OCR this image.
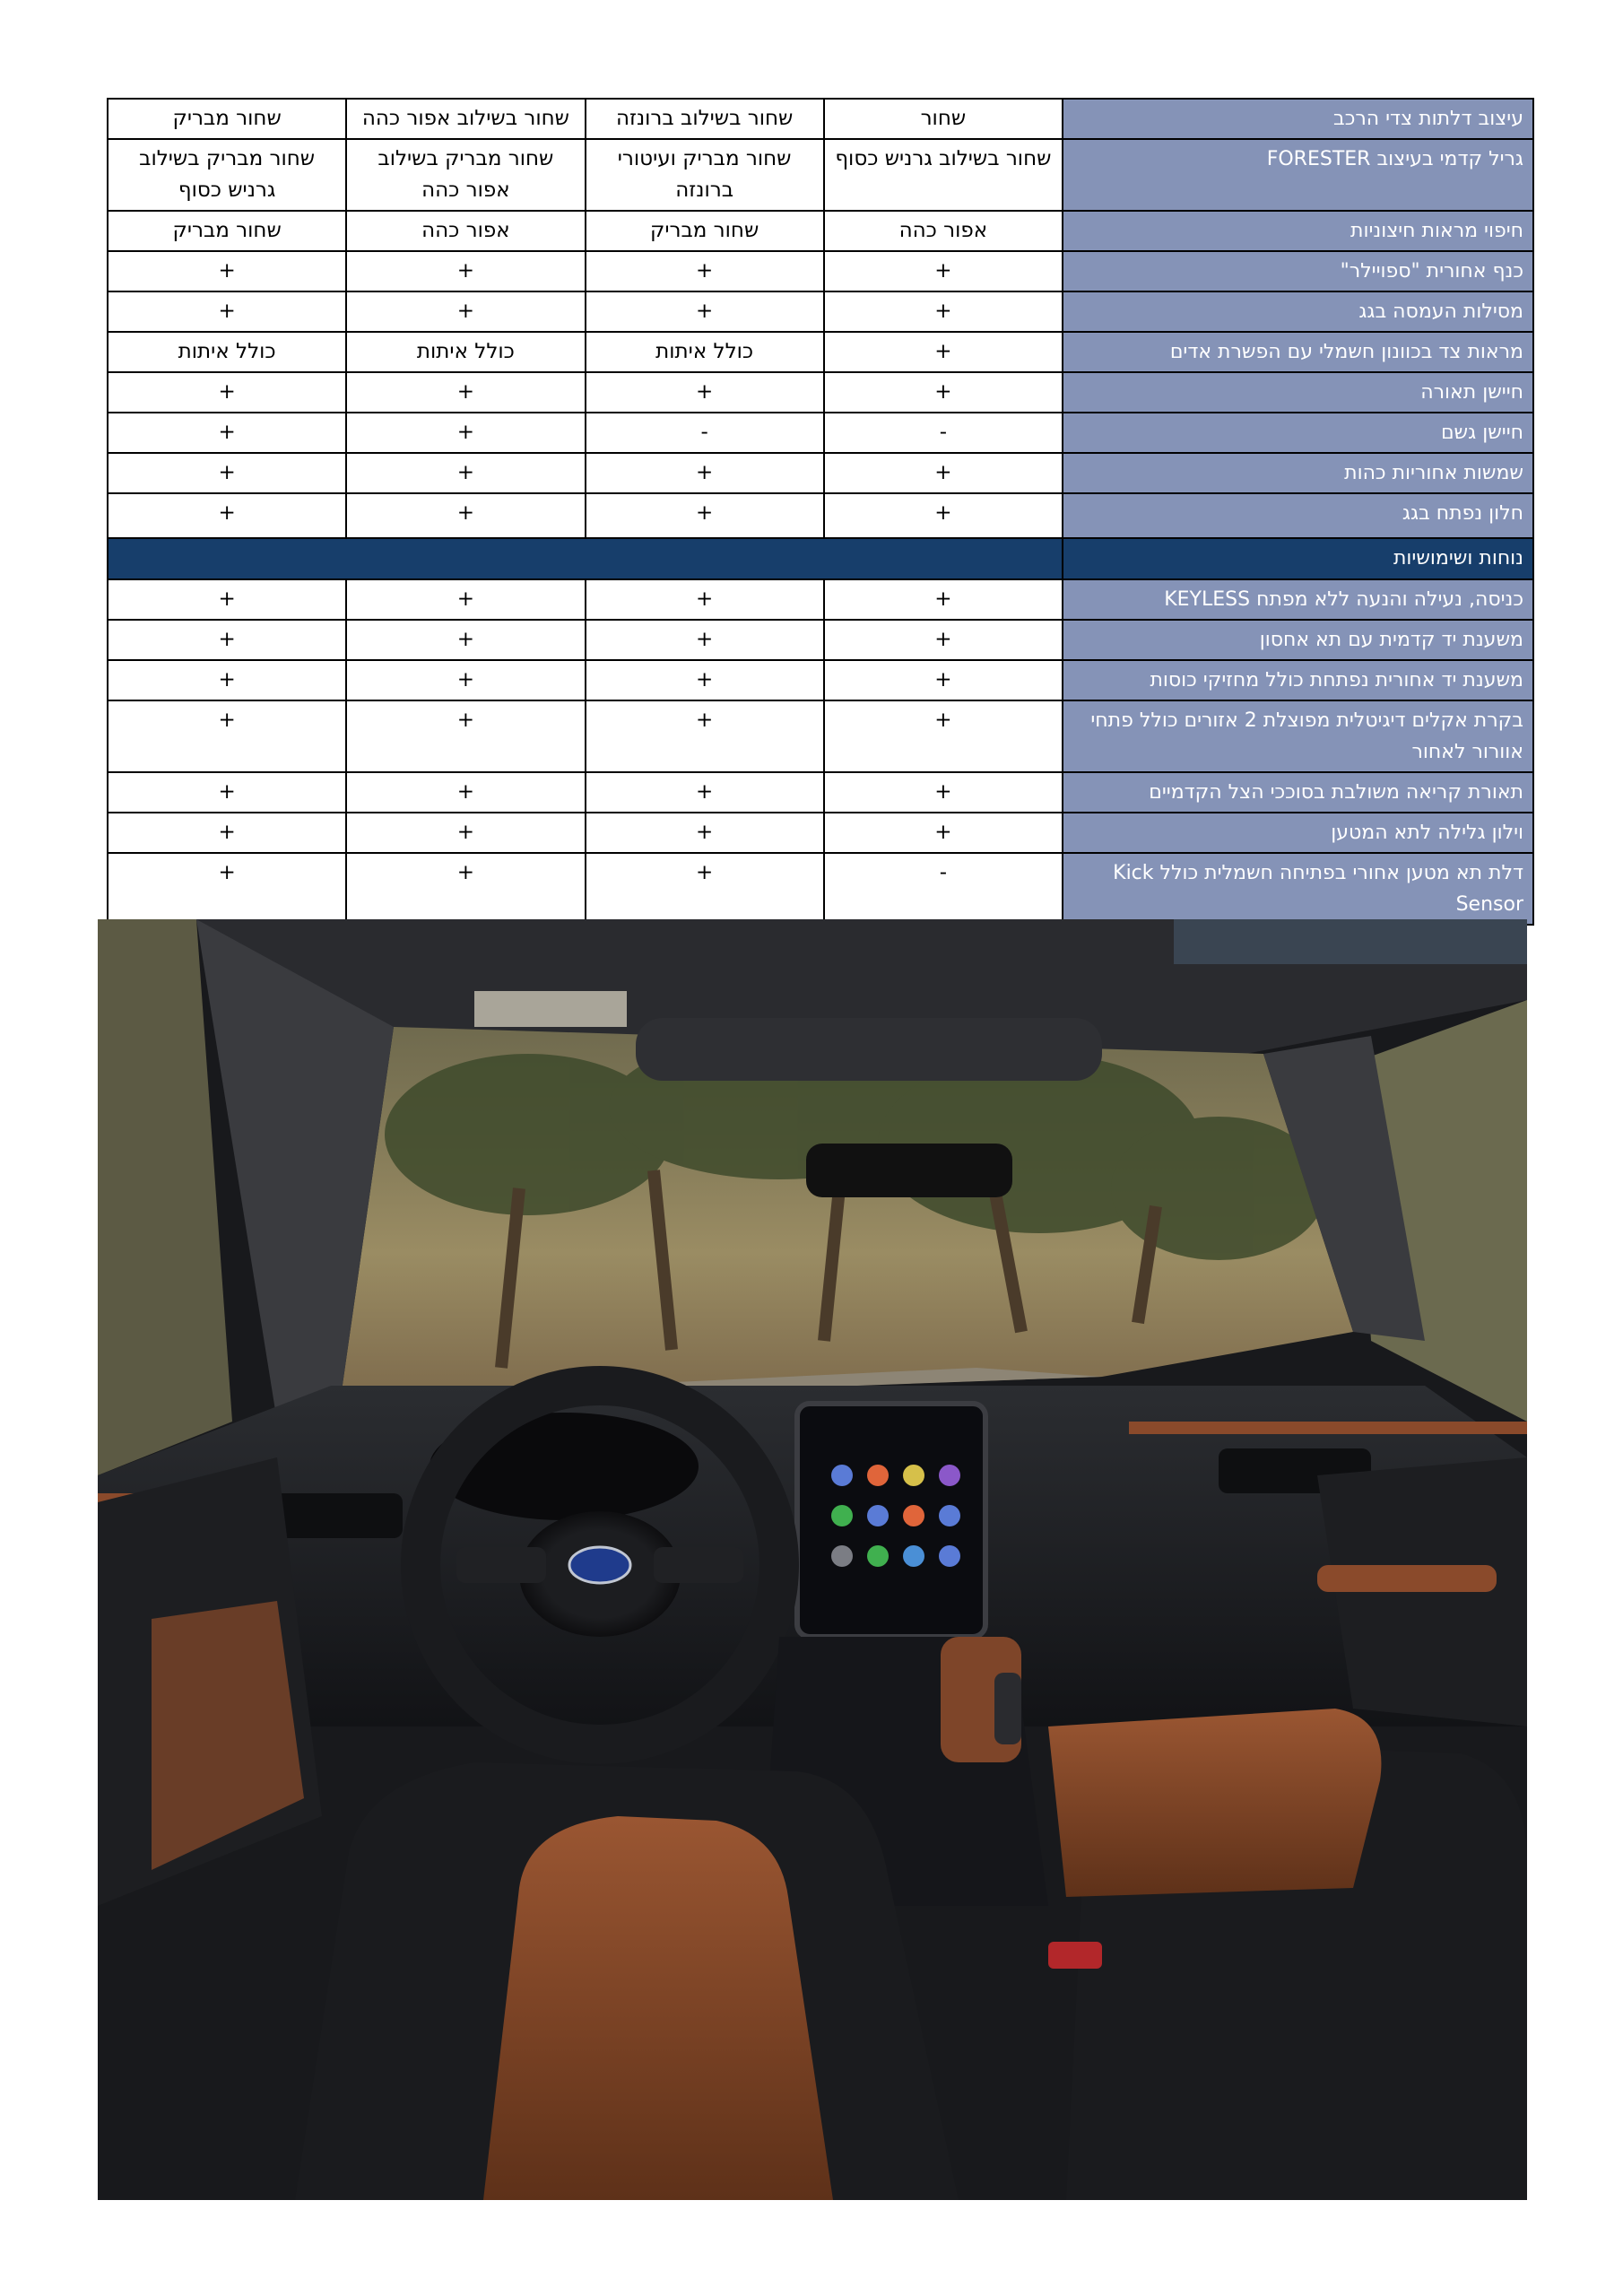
עיצוב דלתות צדי הרכב	שחור	שחור בשילוב ברונזה	שחור בשילוב אפור כהה	שחור מבריק
גריל קדמי בעיצוב FORESTER	שחור בשילוב גרניש כסוף	שחור מבריק ועיטורי ברונזה	שחור מבריק בשילוב אפור כהה	שחור מבריק בשילוב גרניש כסוף
חיפוי מראות חיצוניות	אפור כהה	שחור מבריק	אפור כהה	שחור מבריק
כנף אחורית "ספויילר"	+	+	+	+
מסילות העמסה בגג	+	+	+	+
מראות צד בכוונון חשמלי עם הפשרת אדים	+	כולל איתות	כולל איתות	כולל איתות
חיישן תאורה	+	+	+	+
חיישן גשם	-	-	+	+
שמשות אחוריות כהות	+	+	+	+
חלון נפתח בגג	+	+	+	+
נוחות ושימושיות				
כניסה, נעילה והנעה ללא מפתח KEYLESS	+	+	+	+
משענת יד קדמית עם תא אחסון	+	+	+	+
משענת יד אחורית נפתחת כולל מחזיקי כוסות	+	+	+	+
בקרת אקלים דיגיטלית מפוצלת 2 אזורים כולל פתחי אוורור לאחור	+	+	+	+
תאורת קריאה משולבת בסוככי הצל הקדמיים	+	+	+	+
וילון גלילה לתא המטען	+	+	+	+
דלת תא מטען אחורי בפתיחה חשמלית כולל Kick Sensor	-	+	+	+
